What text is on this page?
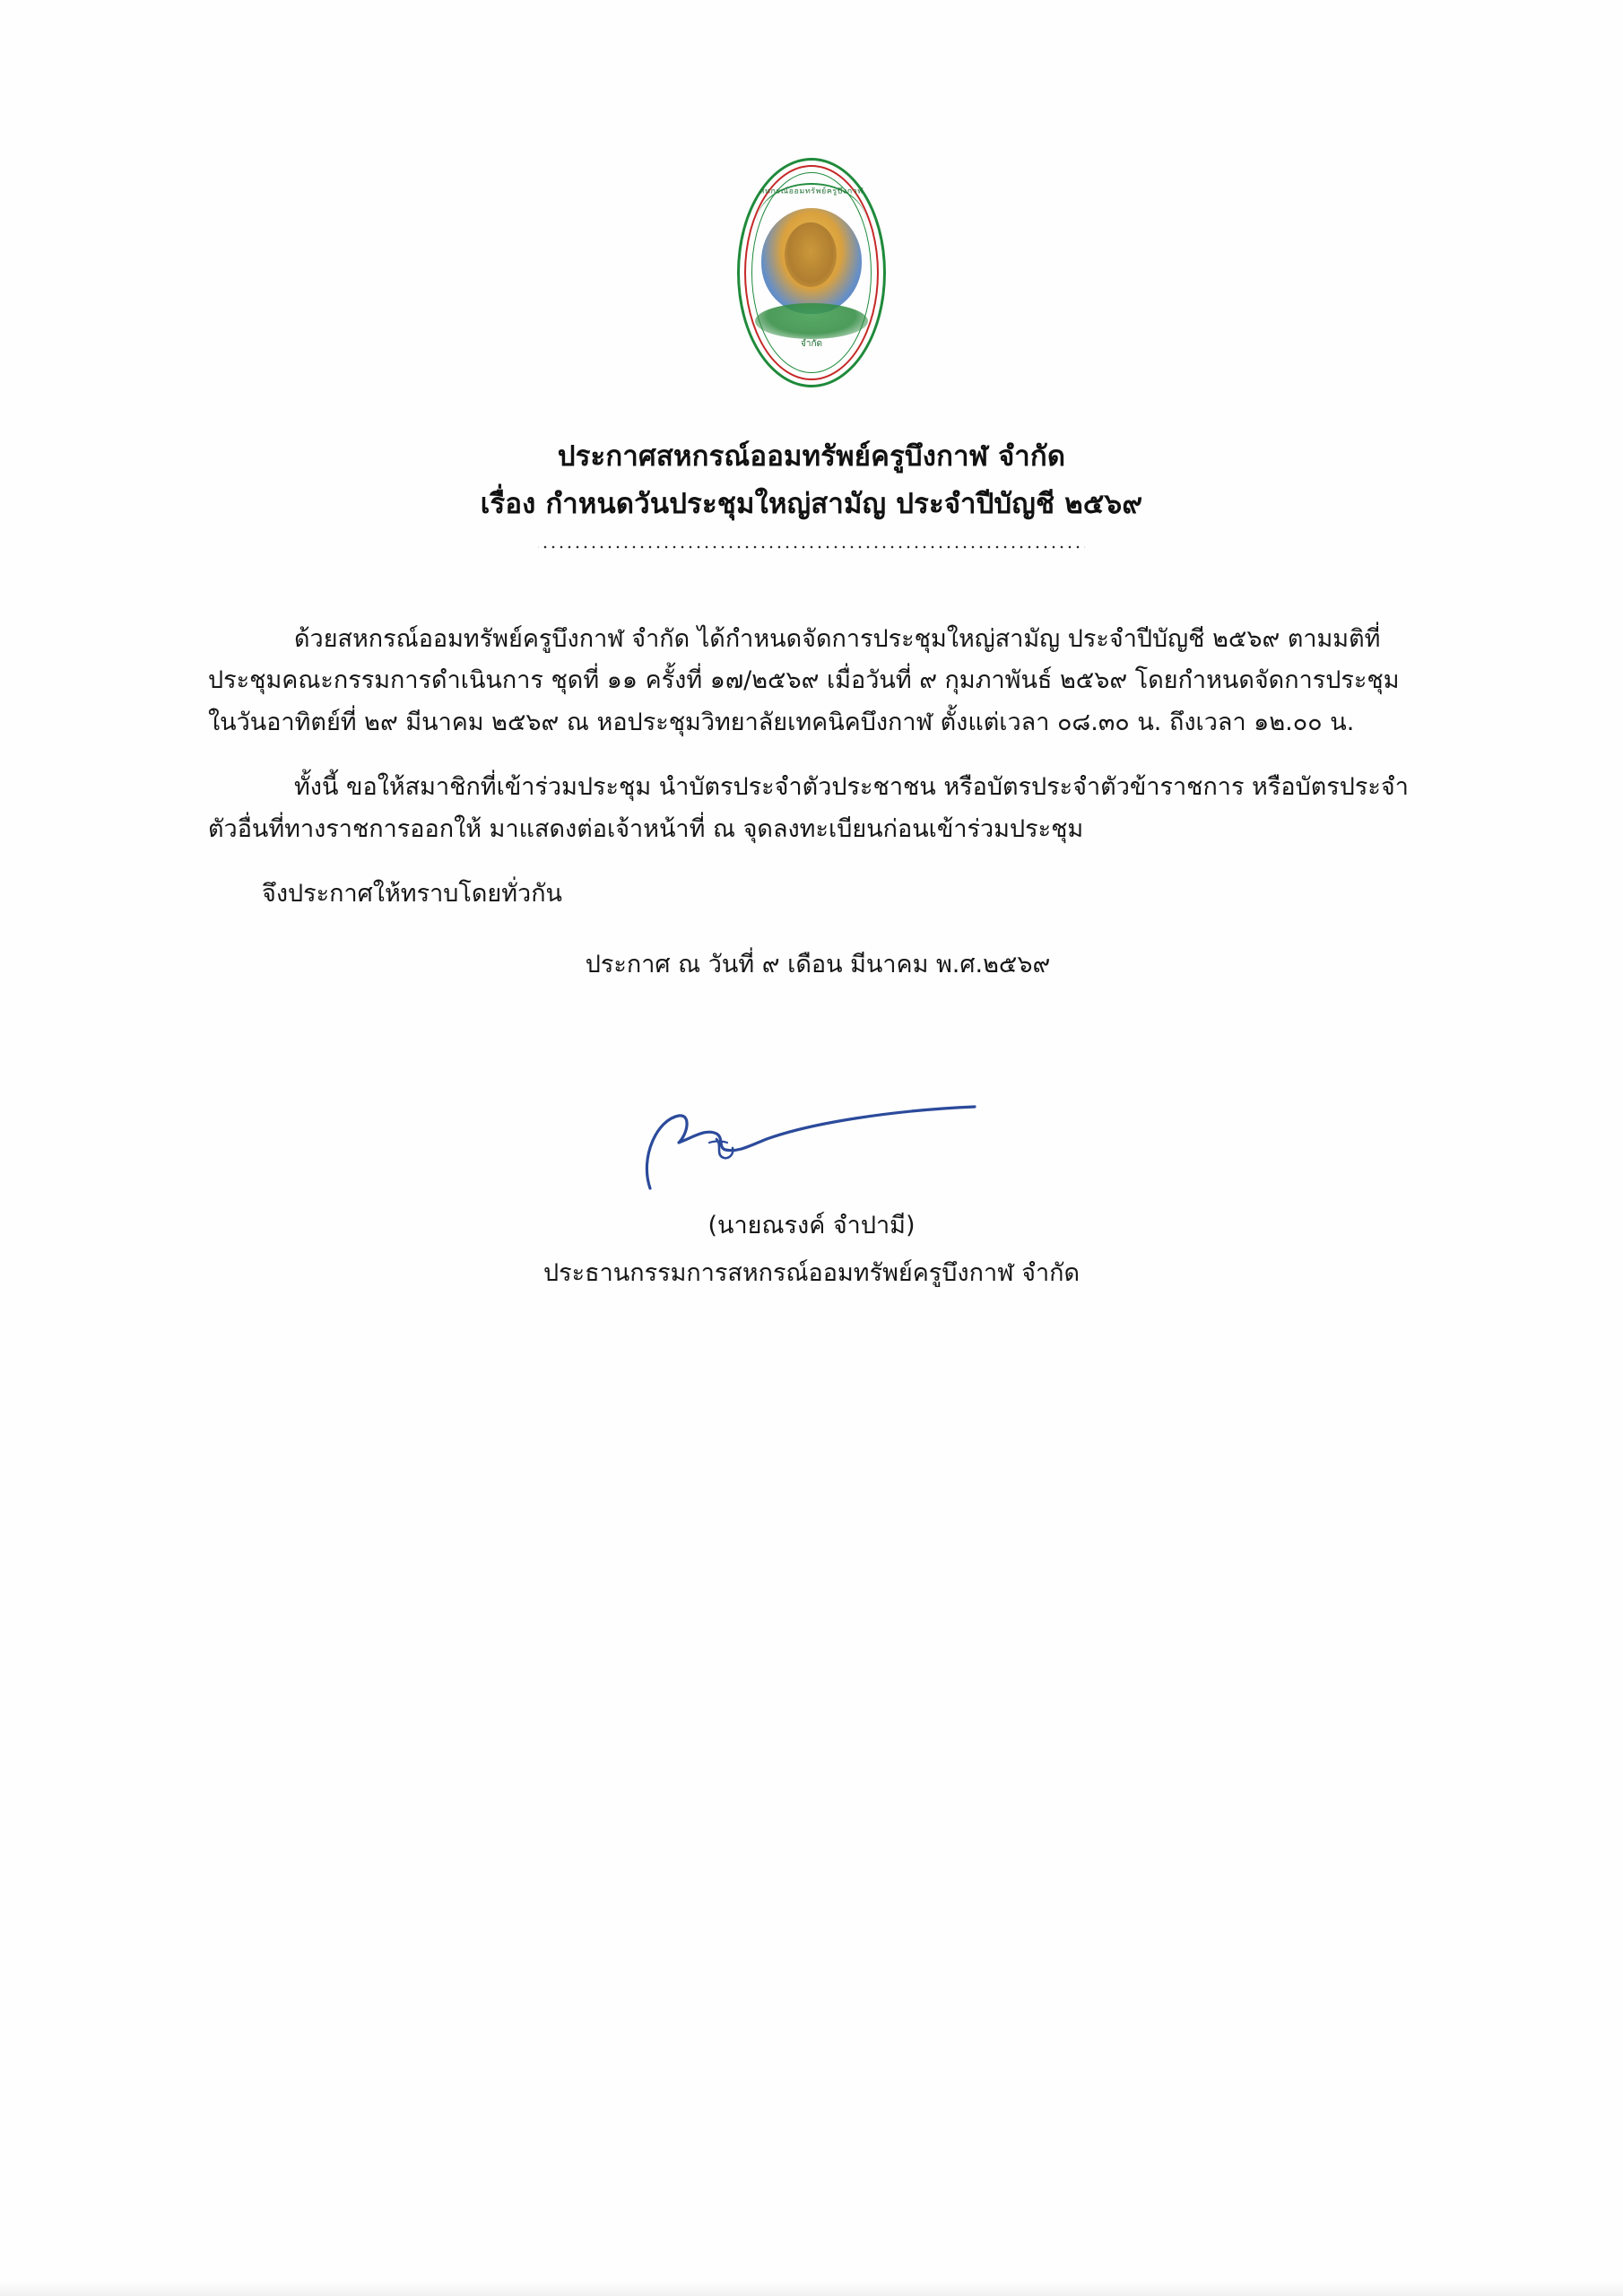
สหกรณ์ออมทรัพย์ครูบึงกาฬ
จำกัด
ประกาศสหกรณ์ออมทรัพย์ครูบึงกาฬ จำกัด
เรื่อง กำหนดวันประชุมใหญ่สามัญ ประจำปีบัญชี ๒๕๖๙

ด้วยสหกรณ์ออมทรัพย์ครูบึงกาฬ จำกัด ได้กำหนดจัดการประชุมใหญ่สามัญ ประจำปีบัญชี ๒๕๖๙ ตามมติที่ประชุมคณะกรรมการดำเนินการ ชุดที่ ๑๑ ครั้งที่ ๑๗/๒๕๖๙ เมื่อวันที่ ๙ กุมภาพันธ์ ๒๕๖๙ โดยกำหนดจัดการประชุมในวันอาทิตย์ที่ ๒๙ มีนาคม ๒๕๖๙ ณ หอประชุมวิทยาลัยเทคนิคบึงกาฬ ตั้งแต่เวลา ๐๘.๓๐ น. ถึงเวลา ๑๒.๐๐ น.

ทั้งนี้ ขอให้สมาชิกที่เข้าร่วมประชุม นำบัตรประจำตัวประชาชน หรือบัตรประจำตัวข้าราชการ หรือบัตรประจำตัวอื่นที่ทางราชการออกให้ มาแสดงต่อเจ้าหน้าที่ ณ จุดลงทะเบียนก่อนเข้าร่วมประชุม

จึงประกาศให้ทราบโดยทั่วกัน

ประกาศ ณ วันที่ ๙ เดือน มีนาคม พ.ศ.๒๕๖๙

(นายณรงค์ จำปามี)
ประธานกรรมการสหกรณ์ออมทรัพย์ครูบึงกาฬ จำกัด
